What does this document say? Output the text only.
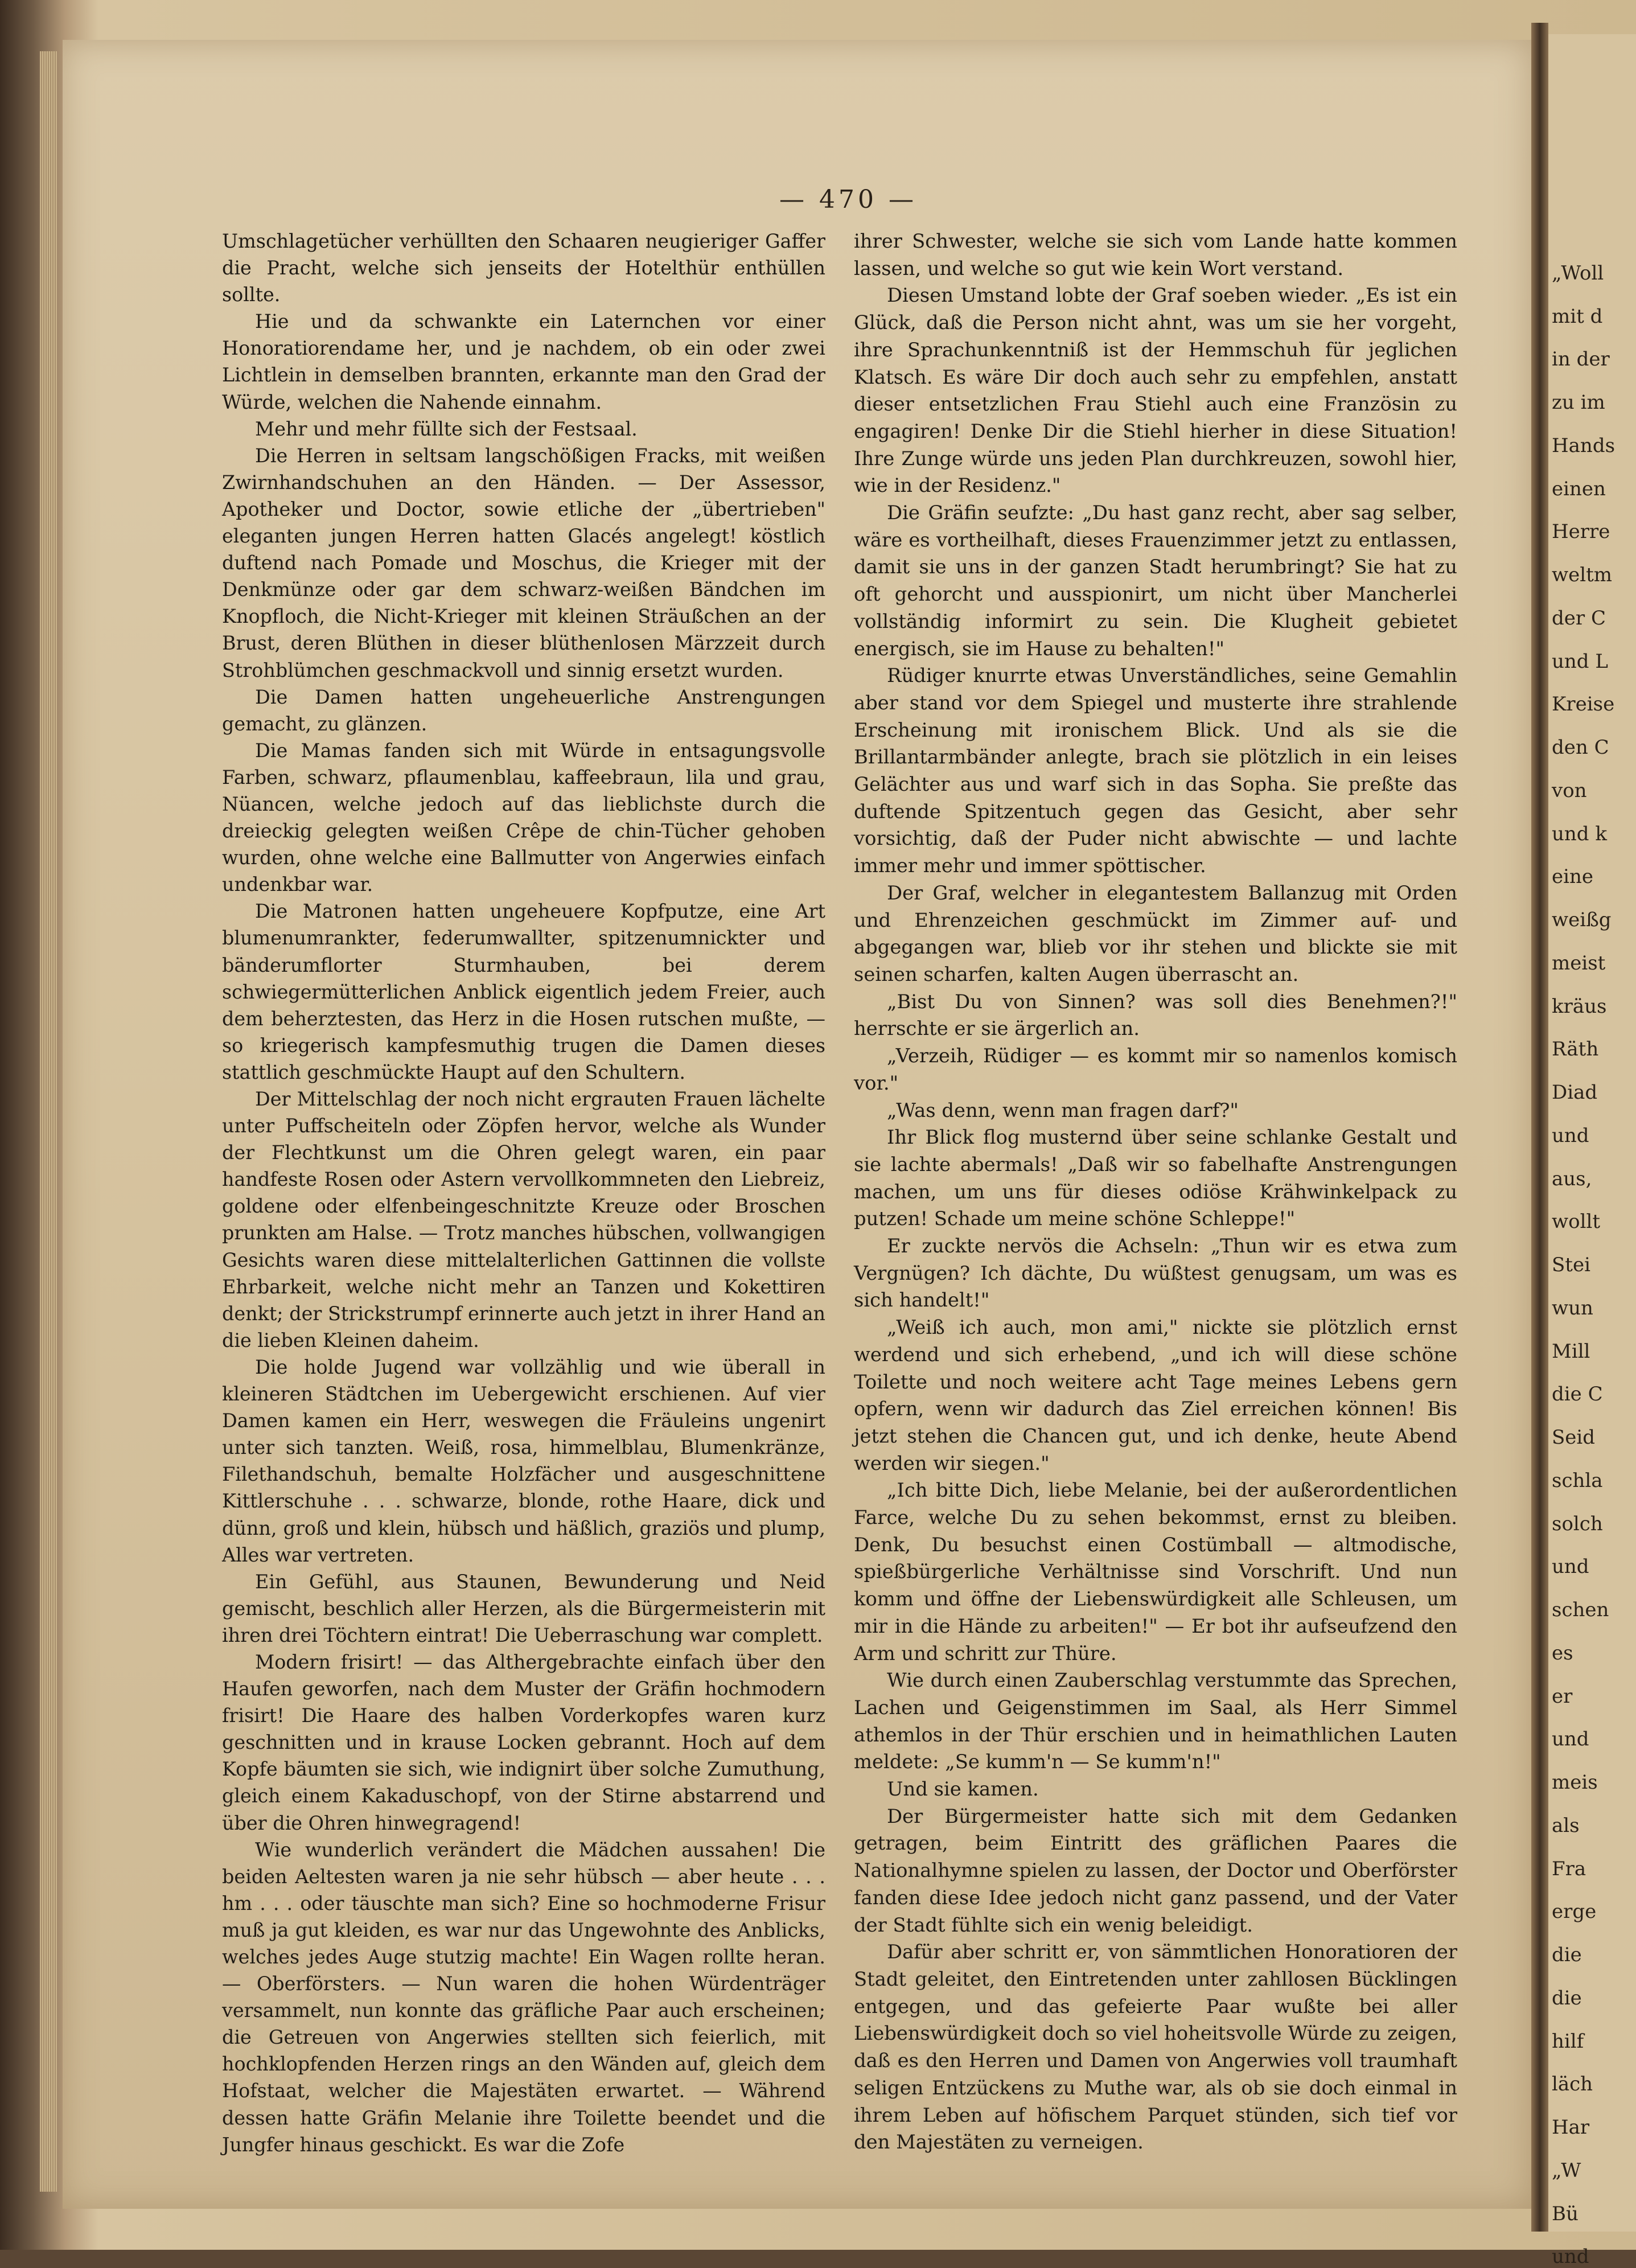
„Woll
mit d
in der
zu im
Hands
einen
Herre
weltm
der C
und L
Kreise
den C
von
und k
eine
weißg
meist
kräus
Räth
Diad
und
aus,
wollt
Stei
wun
Mill
die C
Seid
schla
solch
und
schen
es
er
und
meis
als
Fra
erge
die
die
hilf
läch
Har
„W
Bü
und
— 470 —

Umschlagetücher verhüllten den Schaaren neugieriger Gaffer die Pracht, welche sich jenseits der Hotelthür enthüllen sollte.

Hie und da schwankte ein Laternchen vor einer Honoratiorendame her, und je nachdem, ob ein oder zwei Lichtlein in demselben brannten, erkannte man den Grad der Würde, welchen die Nahende einnahm.

Mehr und mehr füllte sich der Festsaal.

Die Herren in seltsam langschößigen Fracks, mit weißen Zwirnhandschuhen an den Händen. — Der Assessor, Apotheker und Doctor, sowie etliche der „übertrieben" eleganten jungen Herren hatten Glacés angelegt! köstlich duftend nach Pomade und Moschus, die Krieger mit der Denkmünze oder gar dem schwarz-weißen Bändchen im Knopfloch, die Nicht-Krieger mit kleinen Sträußchen an der Brust, deren Blüthen in dieser blüthenlosen Märzzeit durch Strohblümchen geschmackvoll und sinnig ersetzt wurden.

Die Damen hatten ungeheuerliche Anstrengungen gemacht, zu glänzen.

Die Mamas fanden sich mit Würde in entsagungsvolle Farben, schwarz, pflaumenblau, kaffeebraun, lila und grau, Nüancen, welche jedoch auf das lieblichste durch die dreieckig gelegten weißen Crêpe de chin-Tücher gehoben wurden, ohne welche eine Ballmutter von Angerwies einfach undenkbar war.

Die Matronen hatten ungeheuere Kopfputze, eine Art blumenumrankter, federumwallter, spitzenumnickter und bänderumflorter Sturmhauben, bei derem schwiegermütterlichen Anblick eigentlich jedem Freier, auch dem beherztesten, das Herz in die Hosen rutschen mußte, — so kriegerisch kampfesmuthig trugen die Damen dieses stattlich geschmückte Haupt auf den Schultern.

Der Mittelschlag der noch nicht ergrauten Frauen lächelte unter Puffscheiteln oder Zöpfen hervor, welche als Wunder der Flechtkunst um die Ohren gelegt waren, ein paar handfeste Rosen oder Astern vervollkommneten den Liebreiz, goldene oder elfenbeingeschnitzte Kreuze oder Broschen prunkten am Halse. — Trotz manches hübschen, vollwangigen Gesichts waren diese mittelalterlichen Gattinnen die vollste Ehrbarkeit, welche nicht mehr an Tanzen und Kokettiren denkt; der Strickstrumpf erinnerte auch jetzt in ihrer Hand an die lieben Kleinen daheim.

Die holde Jugend war vollzählig und wie überall in kleineren Städtchen im Uebergewicht erschienen. Auf vier Damen kamen ein Herr, weswegen die Fräuleins ungenirt unter sich tanzten. Weiß, rosa, himmelblau, Blumenkränze, Filethandschuh, bemalte Holzfächer und ausgeschnittene Kittlerschuhe . . . schwarze, blonde, rothe Haare, dick und dünn, groß und klein, hübsch und häßlich, graziös und plump, Alles war vertreten.

Ein Gefühl, aus Staunen, Bewunderung und Neid gemischt, beschlich aller Herzen, als die Bürgermeisterin mit ihren drei Töchtern eintrat! Die Ueberraschung war complett.

Modern frisirt! — das Althergebrachte einfach über den Haufen geworfen, nach dem Muster der Gräfin hochmodern frisirt! Die Haare des halben Vorderkopfes waren kurz geschnitten und in krause Locken gebrannt. Hoch auf dem Kopfe bäumten sie sich, wie indignirt über solche Zumuthung, gleich einem Kakaduschopf, von der Stirne abstarrend und über die Ohren hinwegragend!

Wie wunderlich verändert die Mädchen aussahen! Die beiden Aeltesten waren ja nie sehr hübsch — aber heute . . . hm . . . oder täuschte man sich? Eine so hochmoderne Frisur muß ja gut kleiden, es war nur das Ungewohnte des Anblicks, welches jedes Auge stutzig machte! Ein Wagen rollte heran. — Oberförsters. — Nun waren die hohen Würdenträger versammelt, nun konnte das gräfliche Paar auch erscheinen; die Getreuen von Angerwies stellten sich feierlich, mit hochklopfenden Herzen rings an den Wänden auf, gleich dem Hofstaat, welcher die Majestäten erwartet. — Während dessen hatte Gräfin Melanie ihre Toilette beendet und die Jungfer hinaus geschickt. Es war die Zofe

ihrer Schwester, welche sie sich vom Lande hatte kommen lassen, und welche so gut wie kein Wort verstand.

Diesen Umstand lobte der Graf soeben wieder. „Es ist ein Glück, daß die Person nicht ahnt, was um sie her vorgeht, ihre Sprachunkenntniß ist der Hemmschuh für jeglichen Klatsch. Es wäre Dir doch auch sehr zu empfehlen, anstatt dieser entsetzlichen Frau Stiehl auch eine Französin zu engagiren! Denke Dir die Stiehl hierher in diese Situation! Ihre Zunge würde uns jeden Plan durchkreuzen, sowohl hier, wie in der Residenz."

Die Gräfin seufzte: „Du hast ganz recht, aber sag selber, wäre es vortheilhaft, dieses Frauenzimmer jetzt zu entlassen, damit sie uns in der ganzen Stadt herumbringt? Sie hat zu oft gehorcht und ausspionirt, um nicht über Mancherlei vollständig informirt zu sein. Die Klugheit gebietet energisch, sie im Hause zu behalten!"

Rüdiger knurrte etwas Unverständliches, seine Gemahlin aber stand vor dem Spiegel und musterte ihre strahlende Erscheinung mit ironischem Blick. Und als sie die Brillantarmbänder anlegte, brach sie plötzlich in ein leises Gelächter aus und warf sich in das Sopha. Sie preßte das duftende Spitzentuch gegen das Gesicht, aber sehr vorsichtig, daß der Puder nicht abwischte — und lachte immer mehr und immer spöttischer.

Der Graf, welcher in elegantestem Ballanzug mit Orden und Ehrenzeichen geschmückt im Zimmer auf- und abgegangen war, blieb vor ihr stehen und blickte sie mit seinen scharfen, kalten Augen überrascht an.

„Bist Du von Sinnen? was soll dies Benehmen?!" herrschte er sie ärgerlich an.

„Verzeih, Rüdiger — es kommt mir so namenlos komisch vor."

„Was denn, wenn man fragen darf?"

Ihr Blick flog musternd über seine schlanke Gestalt und sie lachte abermals! „Daß wir so fabelhafte Anstrengungen machen, um uns für dieses odiöse Krähwinkelpack zu putzen! Schade um meine schöne Schleppe!"

Er zuckte nervös die Achseln: „Thun wir es etwa zum Vergnügen? Ich dächte, Du wüßtest genugsam, um was es sich handelt!"

„Weiß ich auch, mon ami," nickte sie plötzlich ernst werdend und sich erhebend, „und ich will diese schöne Toilette und noch weitere acht Tage meines Lebens gern opfern, wenn wir dadurch das Ziel erreichen können! Bis jetzt stehen die Chancen gut, und ich denke, heute Abend werden wir siegen."

„Ich bitte Dich, liebe Melanie, bei der außerordentlichen Farce, welche Du zu sehen bekommst, ernst zu bleiben. Denk, Du besuchst einen Costümball — altmodische, spießbürgerliche Verhältnisse sind Vorschrift. Und nun komm und öffne der Liebenswürdigkeit alle Schleusen, um mir in die Hände zu arbeiten!" — Er bot ihr aufseufzend den Arm und schritt zur Thüre.

Wie durch einen Zauberschlag verstummte das Sprechen, Lachen und Geigenstimmen im Saal, als Herr Simmel athemlos in der Thür erschien und in heimathlichen Lauten meldete: „Se kumm'n — Se kumm'n!"

Und sie kamen.

Der Bürgermeister hatte sich mit dem Gedanken getragen, beim Eintritt des gräflichen Paares die Nationalhymne spielen zu lassen, der Doctor und Oberförster fanden diese Idee jedoch nicht ganz passend, und der Vater der Stadt fühlte sich ein wenig beleidigt.

Dafür aber schritt er, von sämmtlichen Honoratioren der Stadt geleitet, den Eintretenden unter zahllosen Bücklingen entgegen, und das gefeierte Paar wußte bei aller Liebenswürdigkeit doch so viel hoheitsvolle Würde zu zeigen, daß es den Herren und Damen von Angerwies voll traumhaft seligen Entzückens zu Muthe war, als ob sie doch einmal in ihrem Leben auf höfischem Parquet stünden, sich tief vor den Majestäten zu verneigen.
